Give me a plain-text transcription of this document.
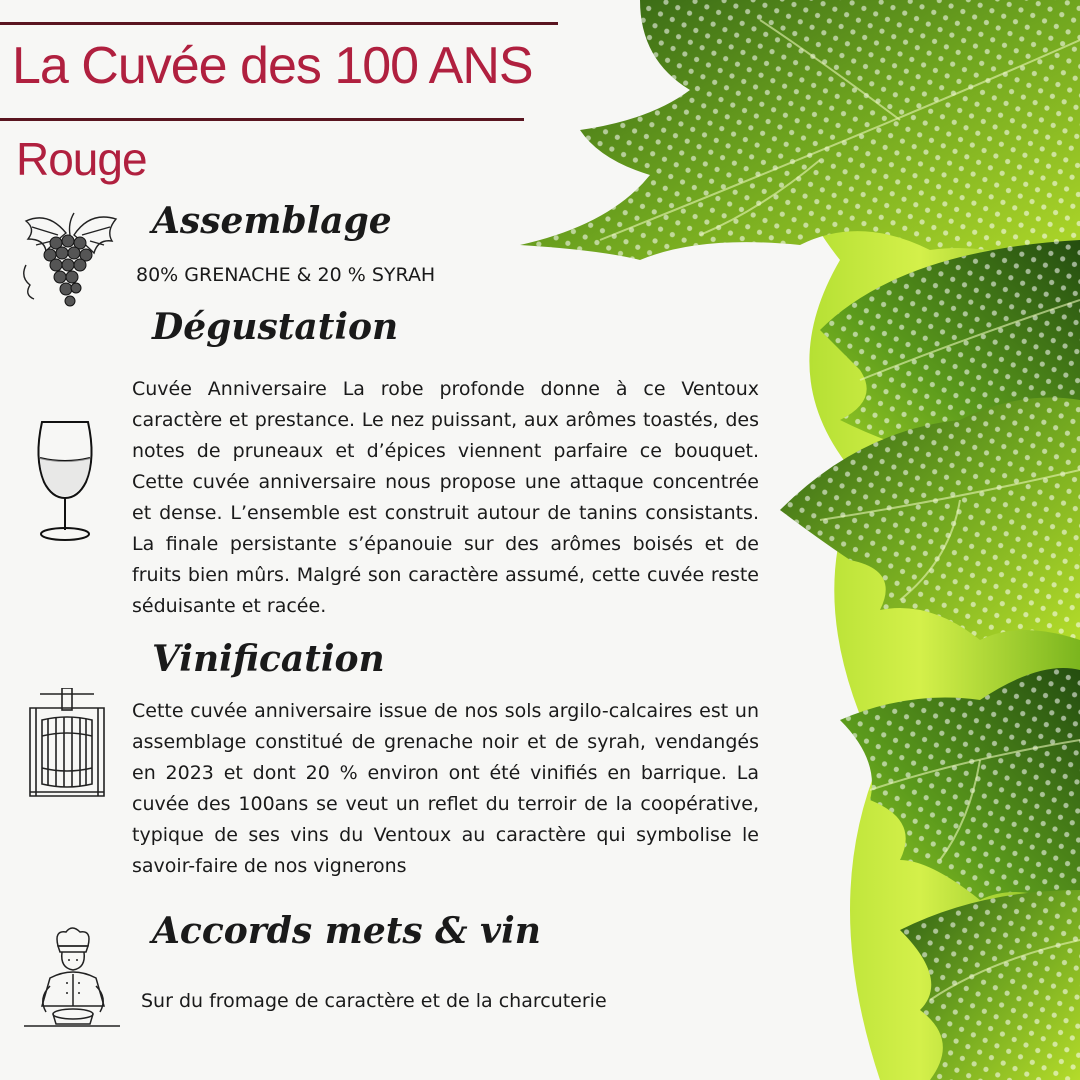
La Cuvée des 100 ANS
Rouge
Assemblage

80% GRENACHE & 20 % SYRAH

Dégustation

Cuvée Anniversaire La robe profonde donne à ce Ventoux caractère et prestance. Le nez puissant, aux arômes toastés, des notes de pruneaux et d’épices viennent parfaire ce bouquet. Cette cuvée anniversaire nous propose une attaque concentrée et dense. L’ensemble est construit autour de tanins consistants. La finale persistante s’épanouie sur des arômes boisés et de fruits bien mûrs. Malgré son caractère assumé, cette cuvée reste séduisante et racée.

Vinification

Cette cuvée anniversaire issue de nos sols argilo-calcaires est un assemblage constitué de grenache noir et de syrah, vendangés en 2023 et dont 20 % environ ont été vinifiés en barrique. La cuvée des 100ans se veut un reflet du terroir de la coopérative, typique de ses vins du Ventoux au caractère qui symbolise le savoir-faire de nos vignerons

Accords mets & vin

Sur du fromage de caractère et de la charcuterie
